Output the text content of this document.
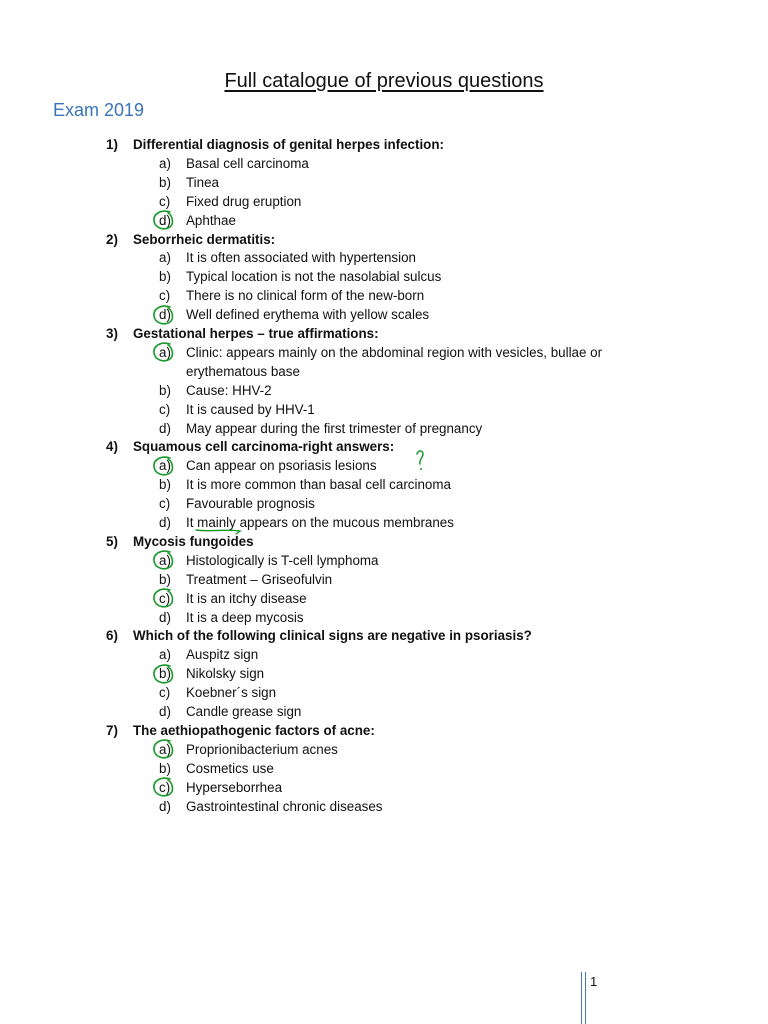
Full catalogue of previous questions
Exam 2019
1) Differential diagnosis of genital herpes infection:
a) Basal cell carcinoma
b) Tinea
c) Fixed drug eruption
d) Aphthae
2) Seborrheic dermatitis:
a) It is often associated with hypertension
b) Typical location is not the nasolabial sulcus
c) There is no clinical form of the new-born
d) Well defined erythema with yellow scales
3) Gestational herpes – true affirmations:
a) Clinic: appears mainly on the abdominal region with vesicles, bullae or erythematous base
b) Cause: HHV-2
c) It is caused by HHV-1
d) May appear during the first trimester of pregnancy
4) Squamous cell carcinoma-right answers:
a) Can appear on psoriasis lesions
b) It is more common than basal cell carcinoma
c) Favourable prognosis
d) It mainly appears on the mucous membranes
5) Mycosis fungoides
a) Histologically is T-cell lymphoma
b) Treatment – Griseofulvin
c) It is an itchy disease
d) It is a deep mycosis
6) Which of the following clinical signs are negative in psoriasis?
a) Auspitz sign
b) Nikolsky sign
c) Koebner´s sign
d) Candle grease sign
7) The aethiopathogenic factors of acne:
a) Proprionibacterium acnes
b) Cosmetics use
c) Hyperseborrhea
d) Gastrointestinal chronic diseases
1
